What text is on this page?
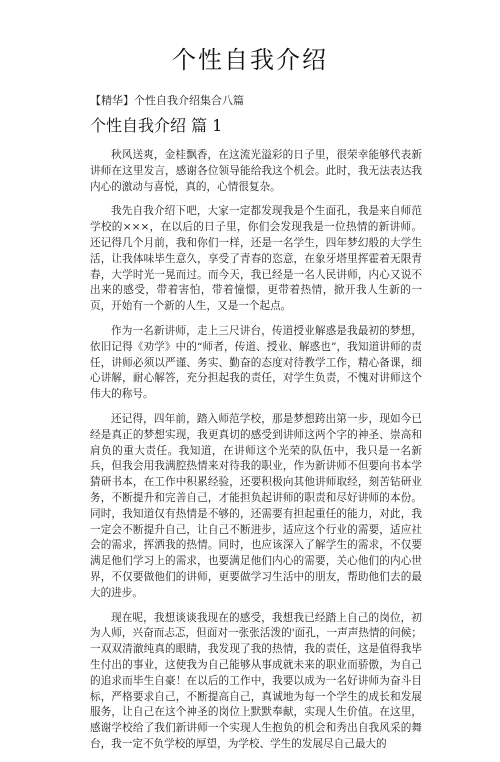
个性自我介绍
【精华】个性自我介绍集合八篇
个性自我介绍 篇 1

秋风送爽，金桂飘香，在这流光溢彩的日子里，很荣幸能够代表新讲师在这里发言，感谢各位领导能给我这个机会。此时，我无法表达我内心的激动与喜悦，真的，心情很复杂。

我先自我介绍下吧，大家一定都发现我是个生面孔，我是来自师范学校的×××，在以后的日子里，你们会发现我是一位热情的新讲师。还记得几个月前，我和你们一样，还是一名学生，四年梦幻般的大学生活，让我体味毕生意久，享受了青春的恣意，在象牙塔里挥霍着无限青春，大学时光一晃而过。而今天，我已经是一名人民讲师，内心又说不出来的感受，带着害怕，带着憧憬，更带着热情，掀开我人生新的一页，开始有一个新的人生，又是一个起点。

作为一名新讲师，走上三尺讲台，传道授业解惑是我最初的梦想，依旧记得《劝学》中的“师者，传道、授业、解惑也”，我知道讲师的责任，讲师必须以严谨、务实、勤奋的态度对待教学工作，精心备课，细心讲解，耐心解答，充分担起我的责任，对学生负责，不愧对讲师这个伟大的称号。

还记得，四年前，踏入师范学校，那是梦想跨出第一步，现如今已经是真正的梦想实现，我更真切的感受到讲师这两个字的神圣、崇高和肩负的重大责任。我知道，在讲师这个光荣的队伍中，我只是一名新兵，但我会用我满腔热情来对待我的职业，作为新讲师不但要向书本学猜研书本，在工作中积累经验，还要积极向其他讲师取经，刻苦钻研业务，不断提升和完善自己，才能担负起讲师的职责和尽好讲师的本份。同时，我知道仅有热情是不够的，还需要有担起重任的能力，对此，我一定会不断提升自己，让自己不断进步，适应这个行业的需要，适应社会的需求，挥洒我的热情。同时，也应该深入了解学生的需求，不仅要满足他们学习上的需求，也要满足他们内心的需要，关心他们的内心世界，不仅要做他们的讲师，更要做学习生活中的朋友，帮助他们去的最大的进步。

现在呢，我想谈谈我现在的感受，我想我已经踏上自己的岗位，初为人师，兴奋而忐忑，但面对一张张活泼的'面孔，一声声热情的问候；一双双清澈纯真的眼睛，我发现了我的热情，我的责任，这是值得我毕生付出的事业，这使我为自己能够从事成就未来的职业而骄傲，为自己的追求而毕生自豪！在以后的工作中，我要以成为一名好讲师为奋斗目标，严格要求自己，不断提高自己，真诚地为每一个学生的成长和发展服务，让自己在这个神圣的岗位上默默奉献，实现人生价值。在这里，感谢学校给了我们新讲师一个实现人生抱负的机会和秀出自我风采的舞台，我一定不负学校的厚望，为学校、学生的发展尽自己最大的
